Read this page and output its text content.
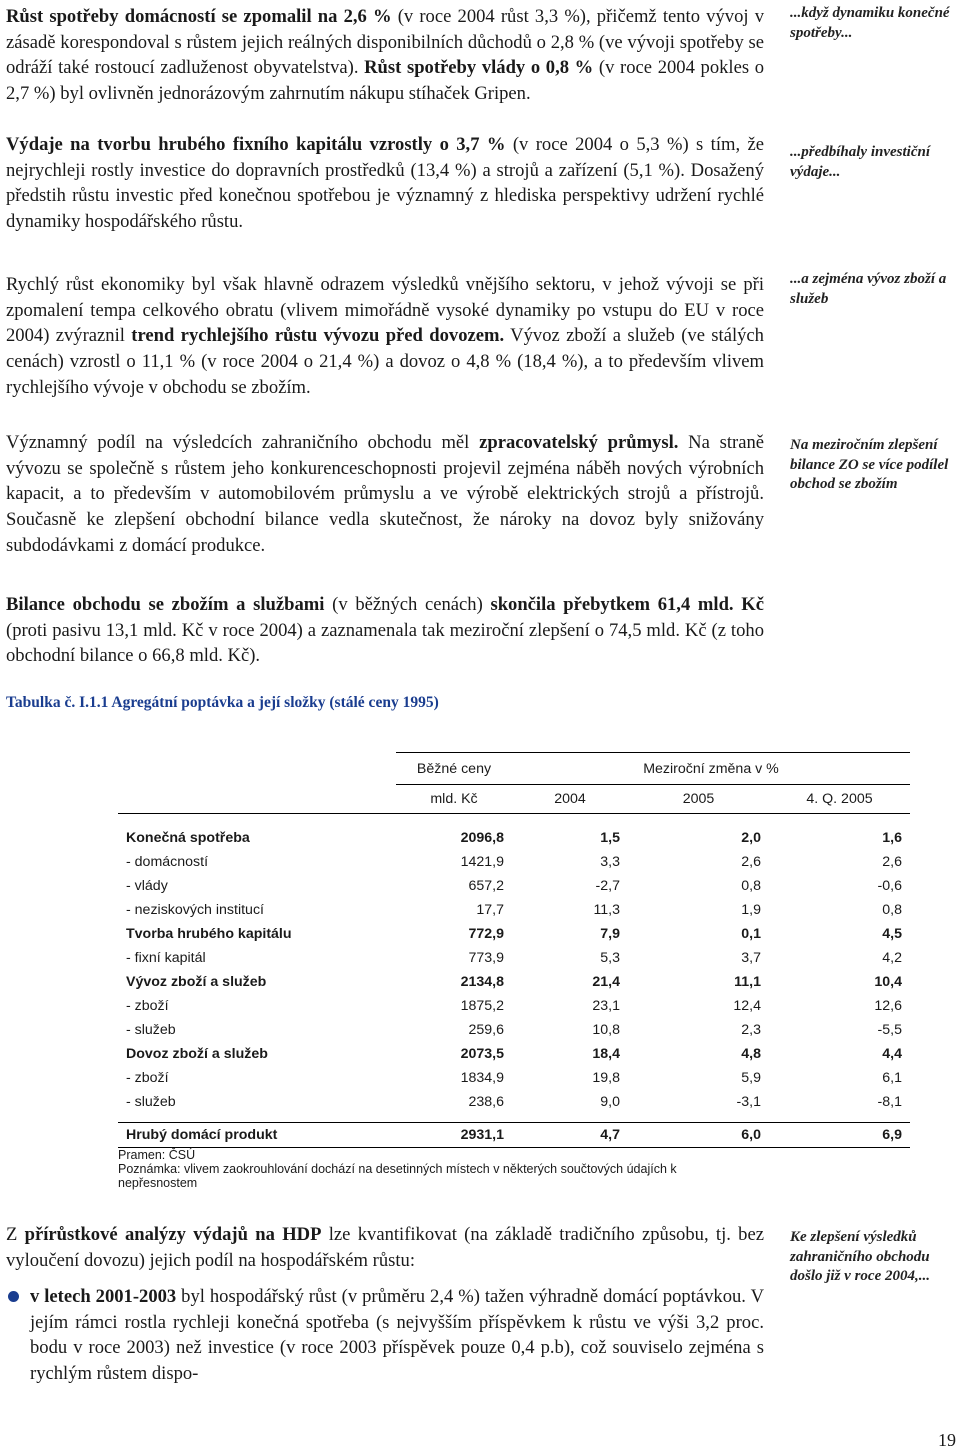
Růst spotřeby domácností se zpomalil na 2,6 % (v roce 2004 růst 3,3 %), přičemž tento vývoj v zásadě korespondoval s růstem jejich reálných disponibilních důchodů o 2,8 % (ve vývoji spotřeby se odráží také rostoucí zadluženost obyvatelstva). Růst spotřeby vlády o 0,8 % (v roce 2004 pokles o 2,7 %) byl ovlivněn jednorázovým zahrnutím nákupu stíhaček Gripen.

Výdaje na tvorbu hrubého fixního kapitálu vzrostly o 3,7 % (v roce 2004 o 5,3 %) s tím, že nejrychleji rostly investice do dopravních prostředků (13,4 %) a strojů a zařízení (5,1 %). Dosažený předstih růstu investic před konečnou spotřebou je významný z hlediska perspektivy udržení rychlé dynamiky hospodářského růstu.

Rychlý růst ekonomiky byl však hlavně odrazem výsledků vnějšího sektoru, v jehož vývoji se při zpomalení tempa celkového obratu (vlivem mimořádně vysoké dynamiky po vstupu do EU v roce 2004) zvýraznil trend rychlejšího růstu vývozu před dovozem. Vývoz zboží a služeb (ve stálých cenách) vzrostl o 11,1 % (v roce 2004 o 21,4 %) a dovoz o 4,8 % (18,4 %), a to především vlivem rychlejšího vývoje v obchodu se zbožím.

Významný podíl na výsledcích zahraničního obchodu měl zpracovatelský průmysl. Na straně vývozu se společně s růstem jeho konkurenceschopnosti projevil zejména náběh nových výrobních kapacit, a to především v automobilovém průmyslu a ve výrobě elektrických strojů a přístrojů. Současně ke zlepšení obchodní bilance vedla skutečnost, že nároky na dovoz byly snižovány subdodávkami z domácí produkce.

Bilance obchodu se zbožím a službami (v běžných cenách) skončila přebytkem 61,4 mld. Kč (proti pasivu 13,1 mld. Kč v roce 2004) a zaznamenala tak meziroční zlepšení o 74,5 mld. Kč (z toho obchodní bilance o 66,8 mld. Kč).

...když dynamiku konečné spotřeby...
...předbíhaly investiční výdaje...
...a zejména vývoz zboží a služeb
Na meziročním zlepšení bilance ZO se více podílel obchod se zbožím
Ke zlepšení výsledků zahraničního obchodu došlo již v roce 2004,...
Tabulka č. I.1.1 Agregátní poptávka a její složky (stálé ceny 1995)
	Běžné ceny	Meziroční změna v %		
	mld. Kč	2004	2005	4. Q. 2005
Konečná spotřeba	2096,8	1,5	2,0	1,6
- domácností	1421,9	3,3	2,6	2,6
- vlády	657,2	-2,7	0,8	-0,6
- neziskových institucí	17,7	11,3	1,9	0,8
Tvorba hrubého kapitálu	772,9	7,9	0,1	4,5
- fixní kapitál	773,9	5,3	3,7	4,2
Vývoz zboží a služeb	2134,8	21,4	11,1	10,4
- zboží	1875,2	23,1	12,4	12,6
- služeb	259,6	10,8	2,3	-5,5
Dovoz zboží a služeb	2073,5	18,4	4,8	4,4
- zboží	1834,9	19,8	5,9	6,1
- služeb	238,6	9,0	-3,1	-8,1

Hrubý domácí produkt	2931,1	4,7	6,0	6,9
Pramen: ČSÚ
Poznámka: vlivem zaokrouhlování dochází na desetinných místech v některých součtových údajích k nepřesnostem

Z přírůstkové analýzy výdajů na HDP lze kvantifikovat (na základě tradičního způsobu, tj. bez vyloučení dovozu) jejich podíl na hospodářském růstu:

v letech 2001-2003 byl hospodářský růst (v průměru 2,4 %) tažen výhradně domácí poptávkou. V jejím rámci rostla rychleji konečná spotřeba (s nejvyšším příspěvkem k růstu ve výši 3,2 proc. bodu v roce 2003) než investice (v roce 2003 příspěvek pouze 0,4 p.b), což souviselo zejména s rychlým růstem dispo-

19
